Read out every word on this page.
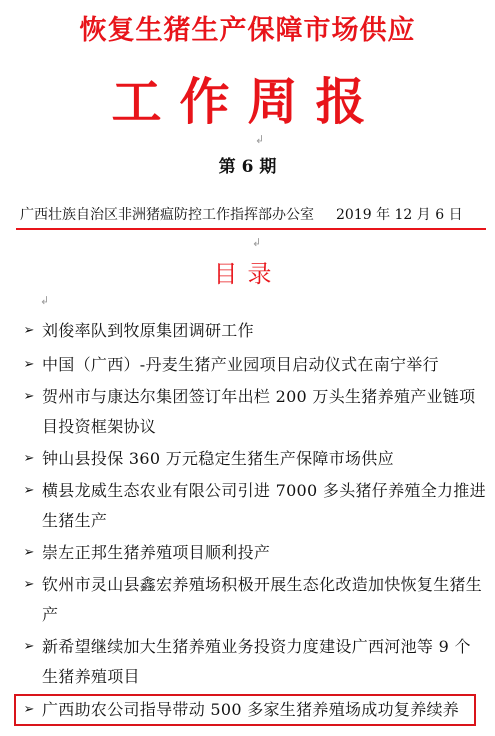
恢复生猪生产保障市场供应
工作周报
↲
第 6 期
广西壮族自治区非洲猪瘟防控工作指挥部办公室 2019 年 12 月 6 日
↲
目录
↲
➢ 刘俊率队到牧原集团调研工作
➢ 中国（广西）-丹麦生猪产业园项目启动仪式在南宁举行
➢ 贺州市与康达尔集团签订年出栏 200 万头生猪养殖产业链项目投资框架协议
➢ 钟山县投保 360 万元稳定生猪生产保障市场供应
➢ 横县龙威生态农业有限公司引进 7000 多头猪仔养殖全力推进生猪生产
➢ 崇左正邦生猪养殖项目顺利投产
➢ 钦州市灵山县鑫宏养殖场积极开展生态化改造加快恢复生猪生产
➢ 新希望继续加大生猪养殖业务投资力度建设广西河池等 9 个生猪养殖项目
➢ 广西助农公司指导带动 500 多家生猪养殖场成功复养续养
